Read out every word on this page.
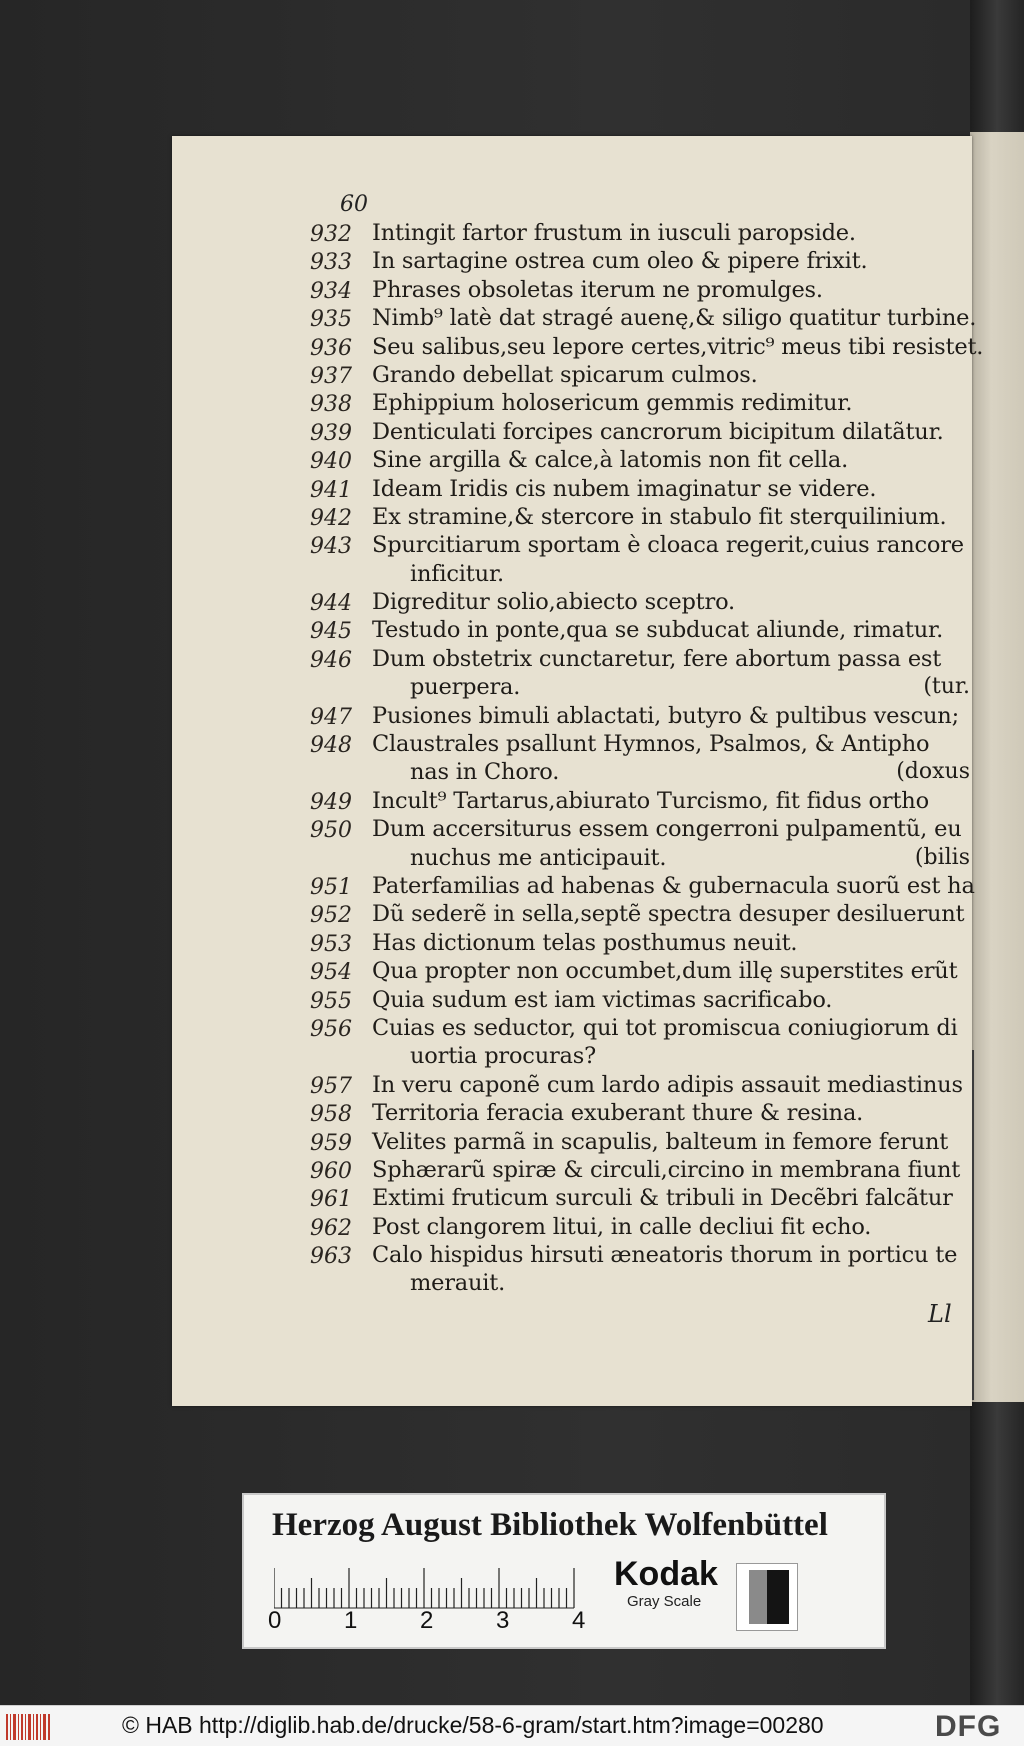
60
932 Intingit fartor frustum in iusculi paropside.
933 In sartagine ostrea cum oleo & pipere frixit.
934 Phrases obsoletas iterum ne promulges.
935 Nimb⁹ latè dat stragé auenę,& siligo quatitur turbine.
936 Seu salibus,seu lepore certes,vitric⁹ meus tibi resistet.
937 Grando debellat spicarum culmos.
938 Ephippium holosericum gemmis redimitur.
939 Denticulati forcipes cancrorum bicipitum dilatãtur.
940 Sine argilla & calce,à latomis non fit cella.
941 Ideam Iridis cis nubem imaginatur se videre.
942 Ex stramine,& stercore in stabulo fit sterquilinium.
943 Spurcitiarum sportam è cloaca regerit,cuius rancore
inficitur.
944 Digreditur solio,abiecto sceptro.
945 Testudo in ponte,qua se subducat aliunde, rimatur.
946 Dum obstetrix cunctaretur, fere abortum passa est
puerpera.	(tur.
947 Pusiones bimuli ablactati, butyro & pultibus vescun;
948 Claustrales psallunt Hymnos, Psalmos, & Antipho
nas in Choro.	(doxus
949 Incult⁹ Tartarus,abiurato Turcismo, fit fidus ortho
950 Dum accersiturus essem congerroni pulpamentũ, eu
nuchus me anticipauit.	(bilis
951 Paterfamilias ad habenas & gubernacula suorũ est ha
952 Dũ sederẽ in sella,septẽ spectra desuper desiluerunt
953 Has dictionum telas posthumus neuit.
954 Qua propter non occumbet,dum illę superstites erũt
955 Quia sudum est iam victimas sacrificabo.
956 Cuias es seductor, qui tot promiscua coniugiorum di
uortia procuras?
957 In veru caponẽ cum lardo adipis assauit mediastinus
958 Territoria feracia exuberant thure & resina.
959 Velites parmã in scapulis, balteum in femore ferunt
960 Sphærarũ spiræ & circuli,circino in membrana fiunt
961 Extimi fruticum surculi & tribuli in Decẽbri falcãtur
962 Post clangorem litui, in calle decliui fit echo.
963 Calo hispidus hirsuti æneatoris thorum in porticu te
merauit.
Ll
Herzog August Bibliothek Wolfenbüttel
0	1	2	3	4
Kodak
Gray Scale
© HAB http://diglib.hab.de/drucke/58-6-gram/start.htm?image=00280	DFG
